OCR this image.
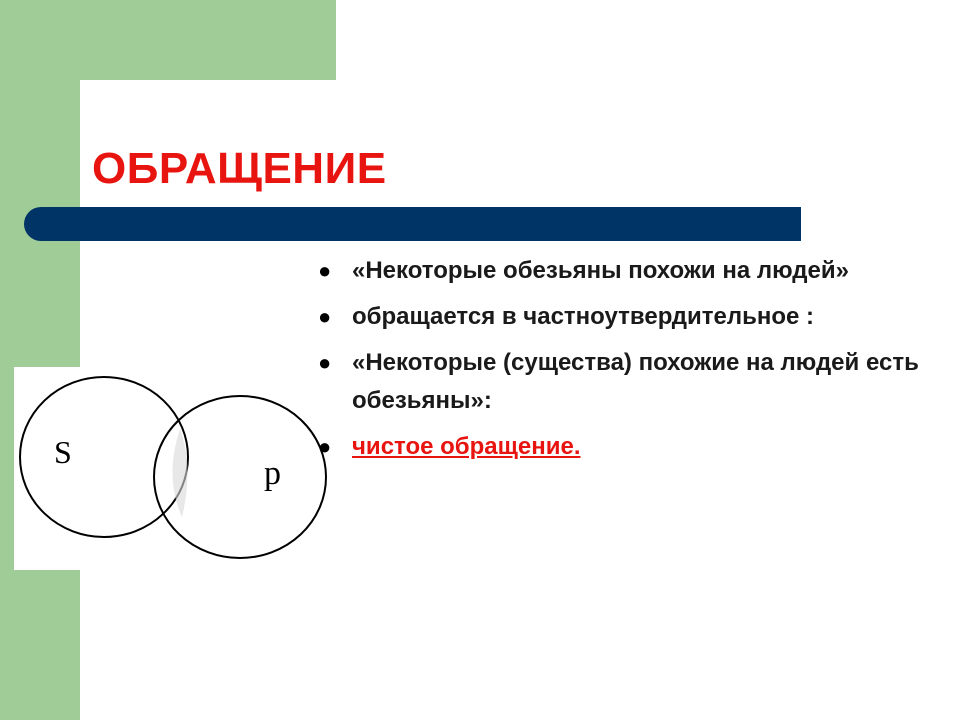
ОБРАЩЕНИЕ
S
p
● «Некоторые обезьяны похожи на людей»
● обращается в частноутвердительное :
● «Некоторые (существа) похожие на людей есть обезьяны»:
● чистое обращение.
